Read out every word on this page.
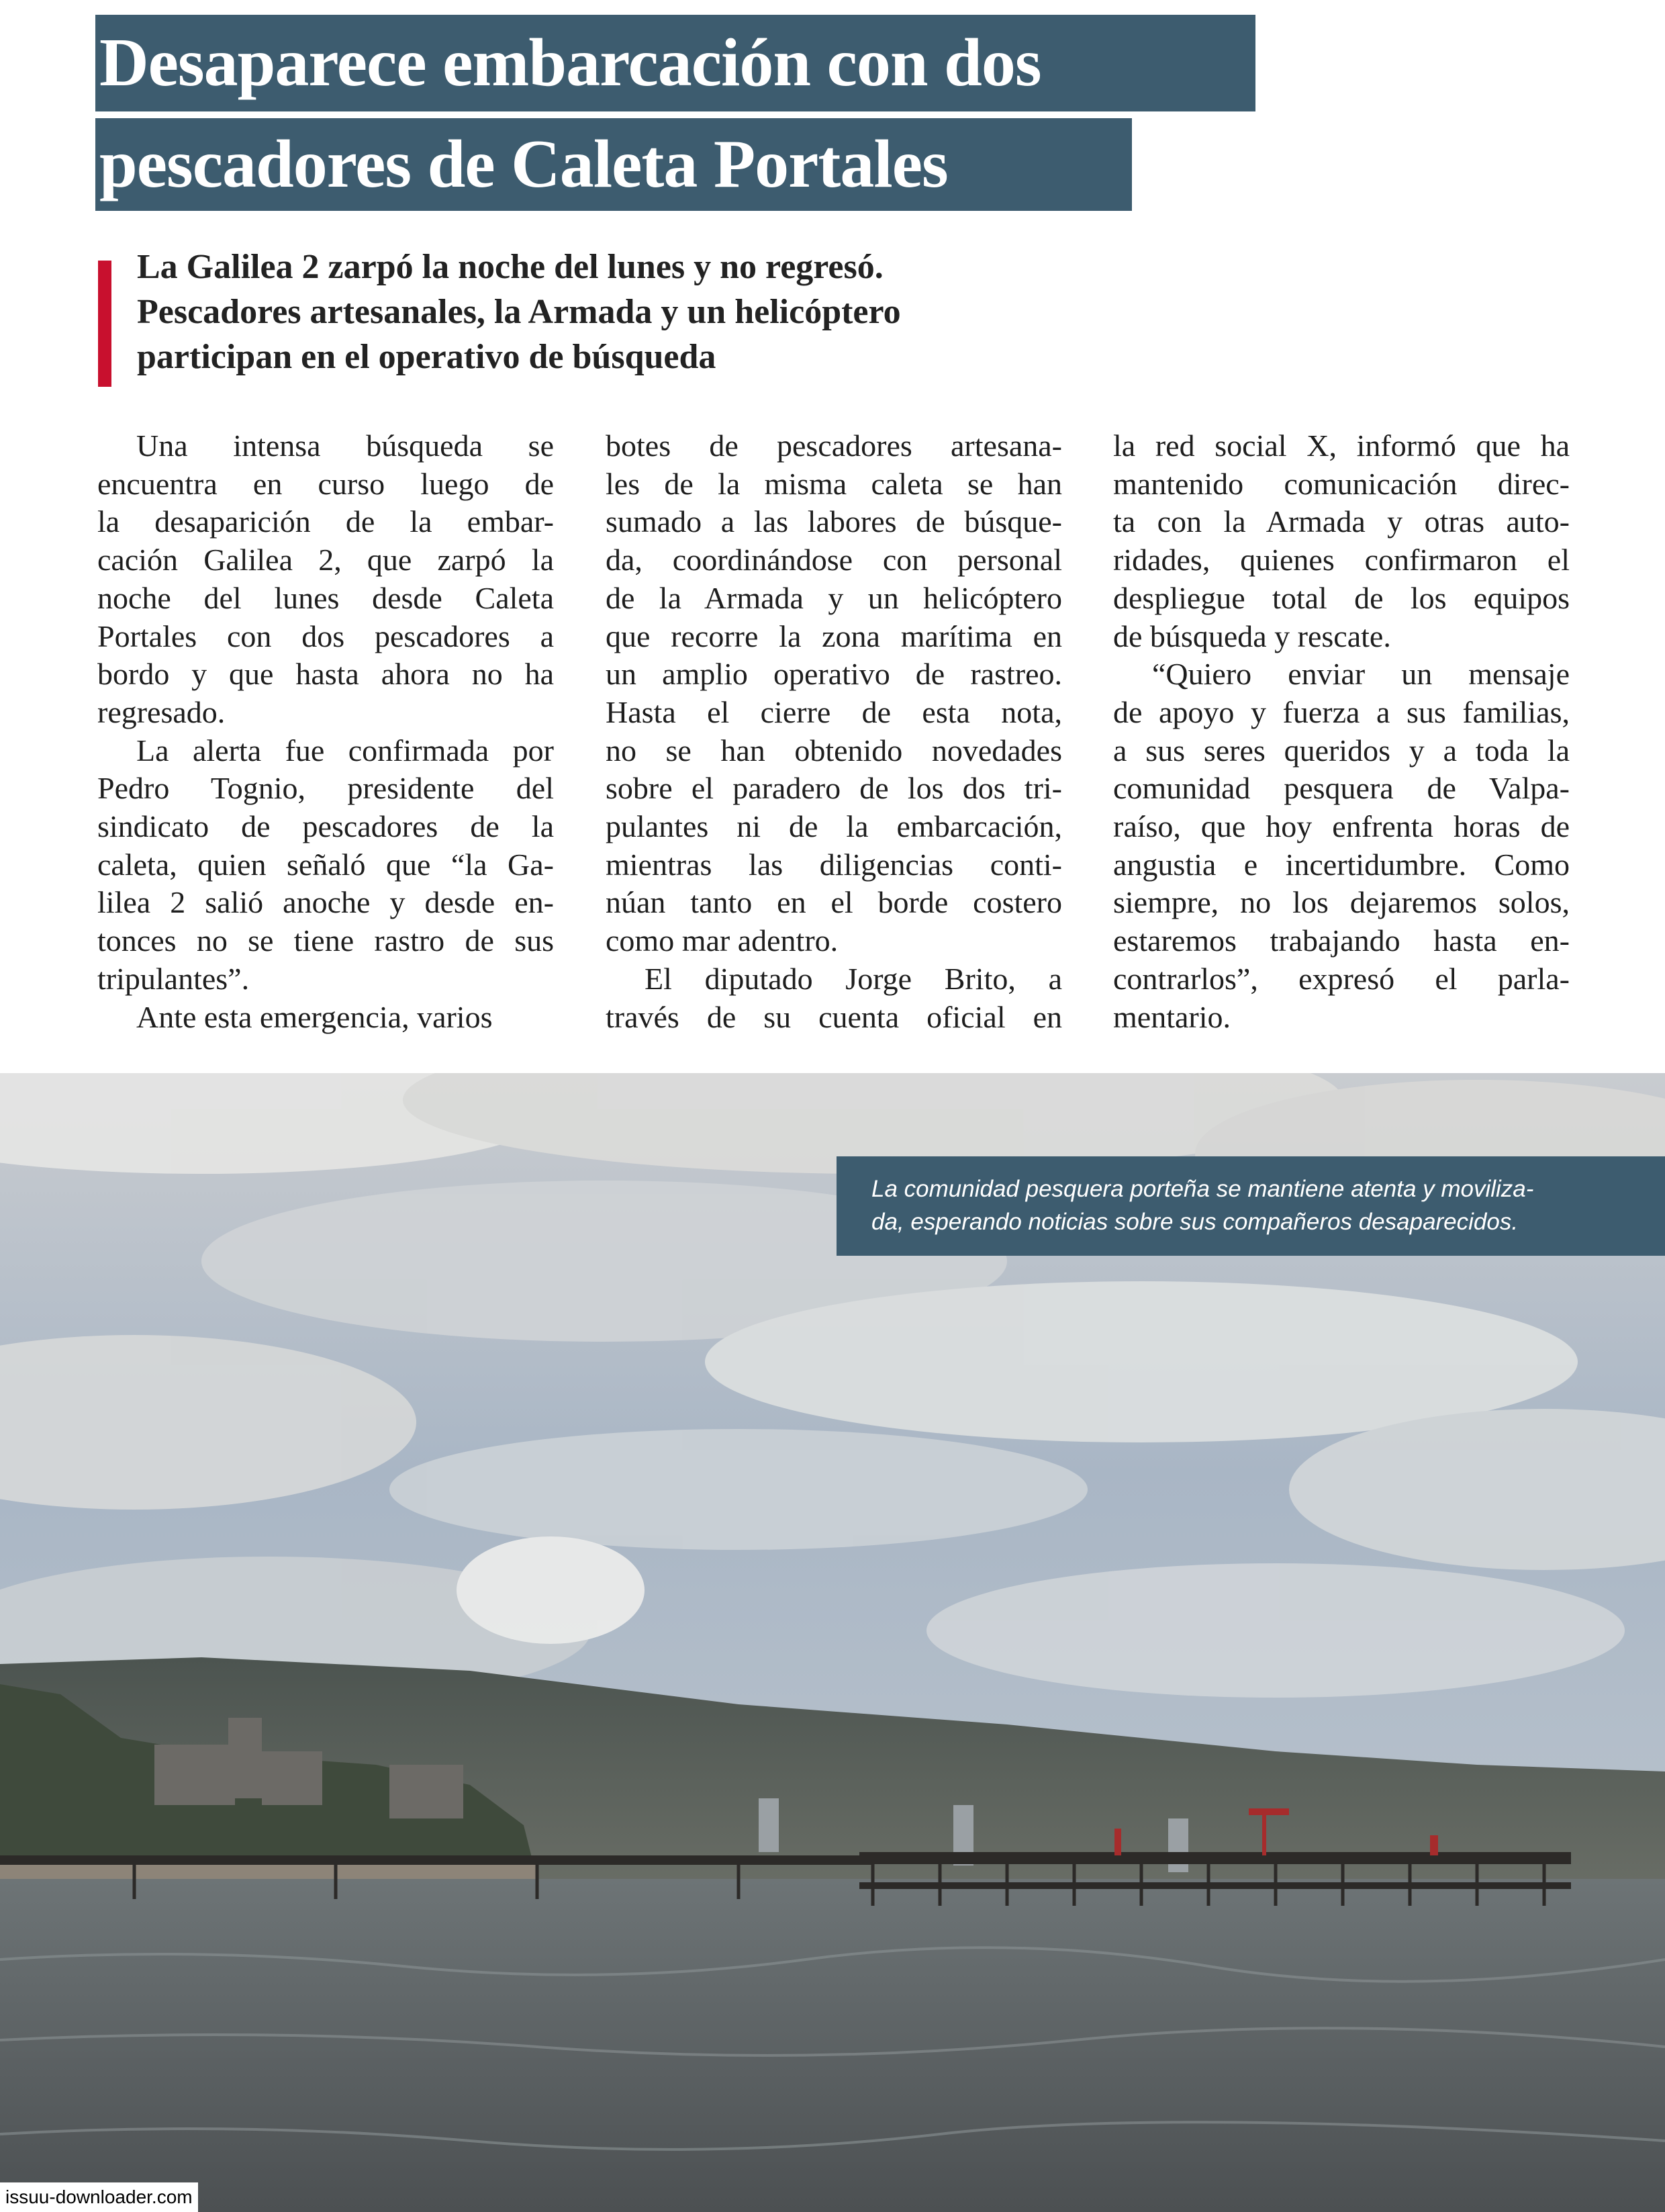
Desaparece embarcación con dos
pescadores de Caleta Portales
La Galilea 2 zarpó la noche del lunes y no regresó.
Pescadores artesanales, la Armada y un helicóptero
participan en el operativo de búsqueda
Una intensa búsqueda se
encuentra en curso luego de
la desaparición de la embar-
cación Galilea 2, que zarpó la
noche del lunes desde Caleta
Portales con dos pescadores a
bordo y que hasta ahora no ha
regresado.
La alerta fue confirmada por
Pedro Tognio, presidente del
sindicato de pescadores de la
caleta, quien señaló que “la Ga-
lilea 2 salió anoche y desde en-
tonces no se tiene rastro de sus
tripulantes”.
Ante esta emergencia, varios
botes de pescadores artesana-
les de la misma caleta se han
sumado a las labores de búsque-
da, coordinándose con personal
de la Armada y un helicóptero
que recorre la zona marítima en
un amplio operativo de rastreo.
Hasta el cierre de esta nota,
no se han obtenido novedades
sobre el paradero de los dos tri-
pulantes ni de la embarcación,
mientras las diligencias conti-
núan tanto en el borde costero
como mar adentro.
El diputado Jorge Brito, a
través de su cuenta oficial en
la red social X, informó que ha
mantenido comunicación direc-
ta con la Armada y otras auto-
ridades, quienes confirmaron el
despliegue total de los equipos
de búsqueda y rescate.
“Quiero enviar un mensaje
de apoyo y fuerza a sus familias,
a sus seres queridos y a toda la
comunidad pesquera de Valpa-
raíso, que hoy enfrenta horas de
angustia e incertidumbre. Como
siempre, no los dejaremos solos,
estaremos trabajando hasta en-
contrarlos”, expresó el parla-
mentario.
La comunidad pesquera porteña se mantiene atenta y moviliza-
da, esperando noticias sobre sus compañeros desaparecidos.
issuu-downloader.com
